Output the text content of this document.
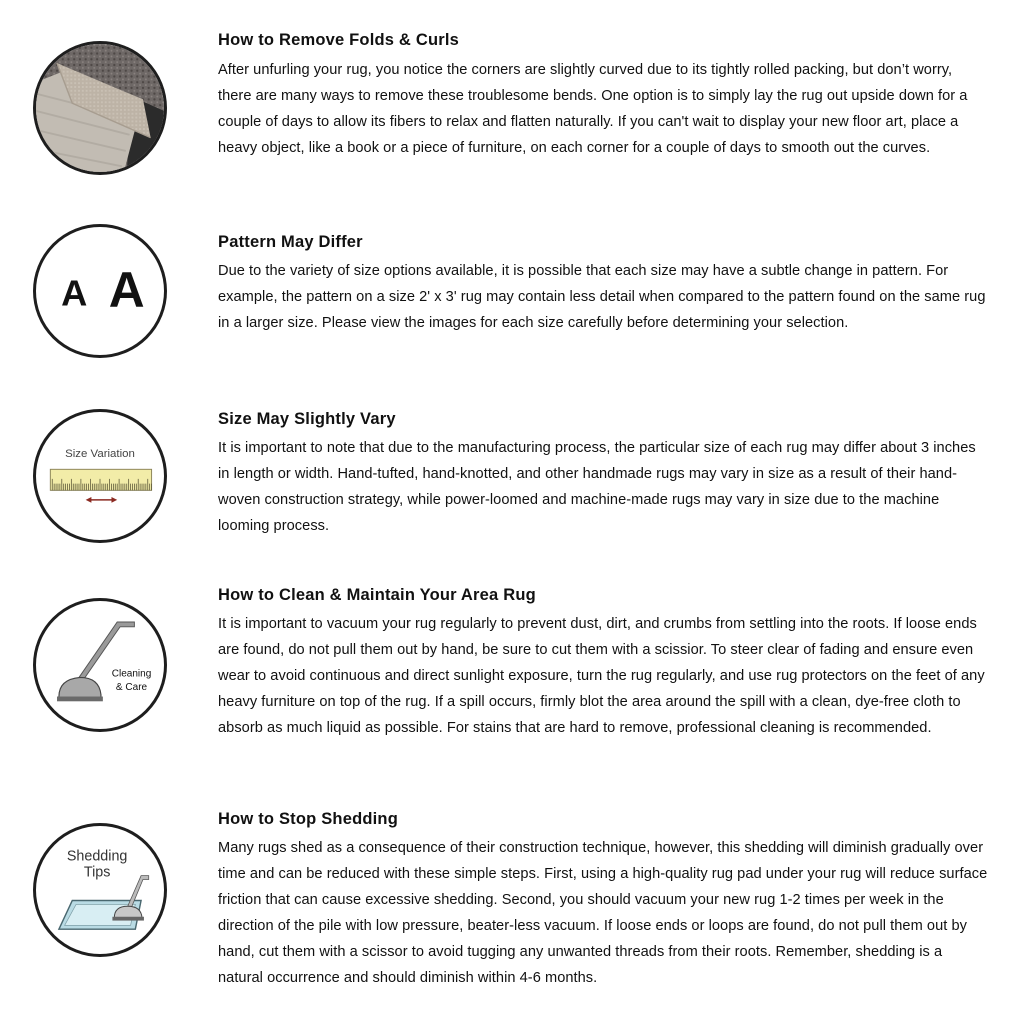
How to Remove Folds & Curls
After unfurling your rug, you notice the corners are slightly curved due to its tightly rolled packing, but don’t worry, there are many ways to remove these troublesome bends. One option is to simply lay the rug out upside down for a couple of days to allow its fibers to relax and flatten naturally. If you can't wait to display your new floor art, place a heavy object, like a book or a piece of furniture, on each corner for a couple of days to smooth out the curves.
A A
Pattern May Differ
Due to the variety of size options available, it is possible that each size may have a subtle change in pattern. For example, the pattern on a size 2' x 3' rug may contain less detail when compared to the pattern found on the same rug in a larger size. Please view the images for each size carefully before determining your selection.
Size Variation
Size May Slightly Vary
It is important to note that due to the manufacturing process, the particular size of each rug may differ about 3 inches in length or width. Hand-tufted, hand-knotted, and other handmade rugs may vary in size as a result of their hand-woven construction strategy, while power-loomed and machine-made rugs may vary in size due to the machine looming process.
Cleaning
& Care
How to Clean & Maintain Your Area Rug
It is important to vacuum your rug regularly to prevent dust, dirt, and crumbs from settling into the roots. If loose ends are found, do not pull them out by hand, be sure to cut them with a scissior. To steer clear of fading and ensure even wear to avoid continuous and direct sunlight exposure, turn the rug regularly, and use rug protectors on the feet of any heavy furniture on top of the rug. If a spill occurs, firmly blot the area around the spill with a clean, dye-free cloth to absorb as much liquid as possible. For stains that are hard to remove, professional cleaning is recommended.
Shedding
Tips
How to Stop Shedding
Many rugs shed as a consequence of their construction technique, however, this shedding will diminish gradually over time and can be reduced with these simple steps. First, using a high-quality rug pad under your rug will reduce surface friction that can cause excessive shedding. Second, you should vacuum your new rug 1-2 times per week in the direction of the pile with low pressure, beater-less vacuum. If loose ends or loops are found, do not pull them out by hand, cut them with a scissor to avoid tugging any unwanted threads from their roots. Remember, shedding is a natural occurrence and should diminish within 4-6 months.
